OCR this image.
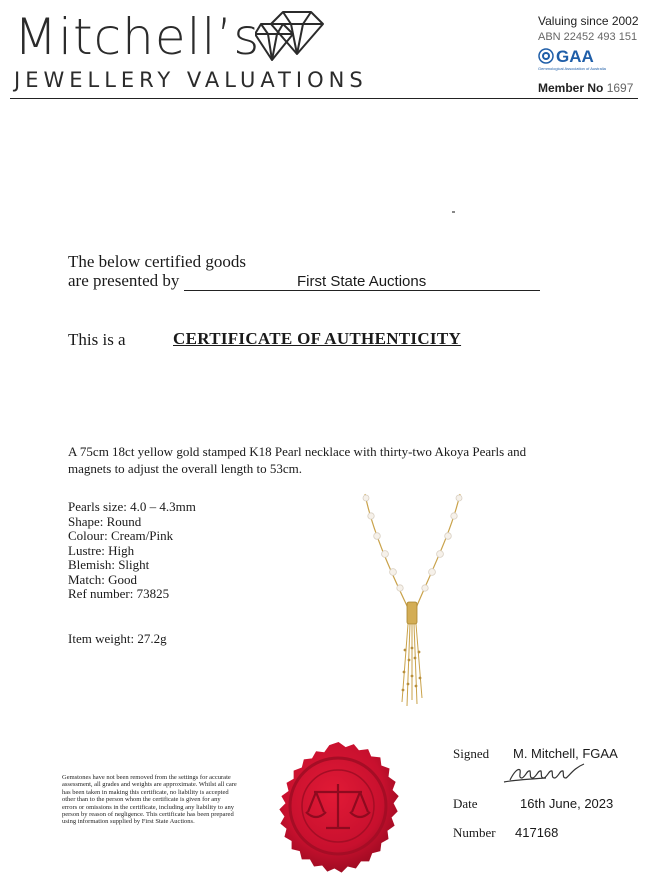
Mitchell’s
JEWELLERY VALUATIONS
Valuing since 2002
ABN 22452 493 151
GAA
Gemmological Association of Australia
Member No 1697
The below certified goods
are presented by	First State Auctions
This is a	CERTIFICATE OF AUTHENTICITY
A 75cm 18ct yellow gold stamped K18 Pearl necklace with thirty-two Akoya Pearls and magnets to adjust the overall length to 53cm.
Pearls size: 4.0 – 4.3mm
Shape: Round
Colour: Cream/Pink
Lustre: High
Blemish: Slight
Match: Good
Ref number: 73825
Item weight: 27.2g
Gemstones have not been removed from the settings for accurate assessment, all grades and weights are approximate. Whilst all care has been taken in making this certificate, no liability is accepted other than to the person whom the certificate is given for any errors or omissions in the certificate, including any liability to any person by reason of negligence. This certificate has been prepared using information supplied by First State Auctions.
Signed M. Mitchell, FGAA
Date	16th June, 2023
Number 417168
